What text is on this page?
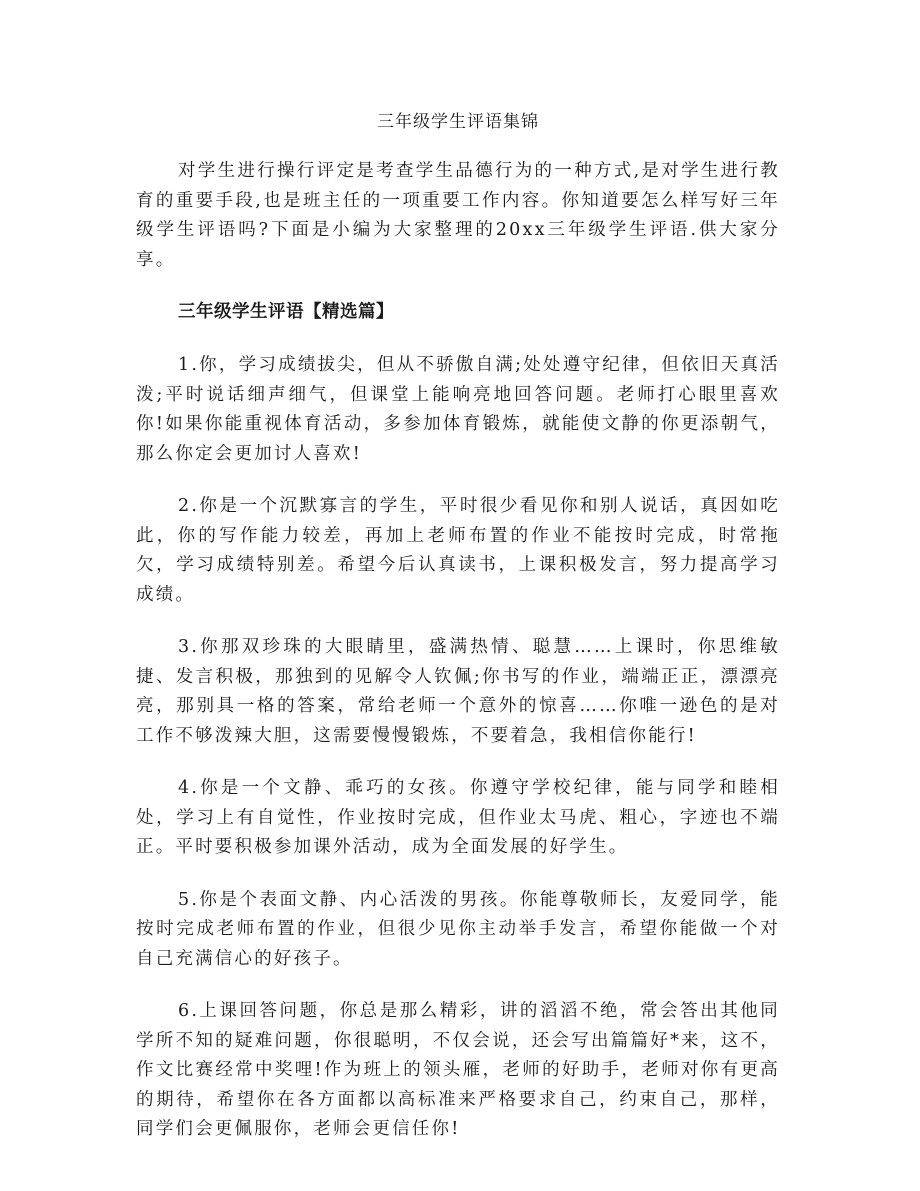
三年级学生评语集锦

对学生进行操行评定是考查学生品德行为的一种方式,是对学生进行教育的重要手段,也是班主任的一项重要工作内容。你知道要怎么样写好三年级学生评语吗?下面是小编为大家整理的20xx三年级学生评语.供大家分享。

三年级学生评语【精选篇】

1.你，学习成绩拔尖，但从不骄傲自满;处处遵守纪律，但依旧天真活泼;平时说话细声细气，但课堂上能响亮地回答问题。老师打心眼里喜欢你!如果你能重视体育活动，多参加体育锻炼，就能使文静的你更添朝气，那么你定会更加讨人喜欢!

2.你是一个沉默寡言的学生，平时很少看见你和别人说话，真因如吃此，你的写作能力较差，再加上老师布置的作业不能按时完成，时常拖欠，学习成绩特别差。希望今后认真读书，上课积极发言，努力提高学习成绩。

3.你那双珍珠的大眼睛里，盛满热情、聪慧……上课时，你思维敏捷、发言积极，那独到的见解令人钦佩;你书写的作业，端端正正，漂漂亮亮，那别具一格的答案，常给老师一个意外的惊喜……你唯一逊色的是对工作不够泼辣大胆，这需要慢慢锻炼，不要着急，我相信你能行!

4.你是一个文静、乖巧的女孩。你遵守学校纪律，能与同学和睦相处，学习上有自觉性，作业按时完成，但作业太马虎、粗心，字迹也不端正。平时要积极参加课外活动，成为全面发展的好学生。

5.你是个表面文静、内心活泼的男孩。你能尊敬师长，友爱同学，能按时完成老师布置的作业，但很少见你主动举手发言，希望你能做一个对自己充满信心的好孩子。

6.上课回答问题，你总是那么精彩，讲的滔滔不绝，常会答出其他同学所不知的疑难问题，你很聪明，不仅会说，还会写出篇篇好*来，这不，作文比赛经常中奖哩!作为班上的领头雁，老师的好助手，老师对你有更高的期待，希望你在各方面都以高标准来严格要求自己，约束自己，那样，同学们会更佩服你，老师会更信任你!
